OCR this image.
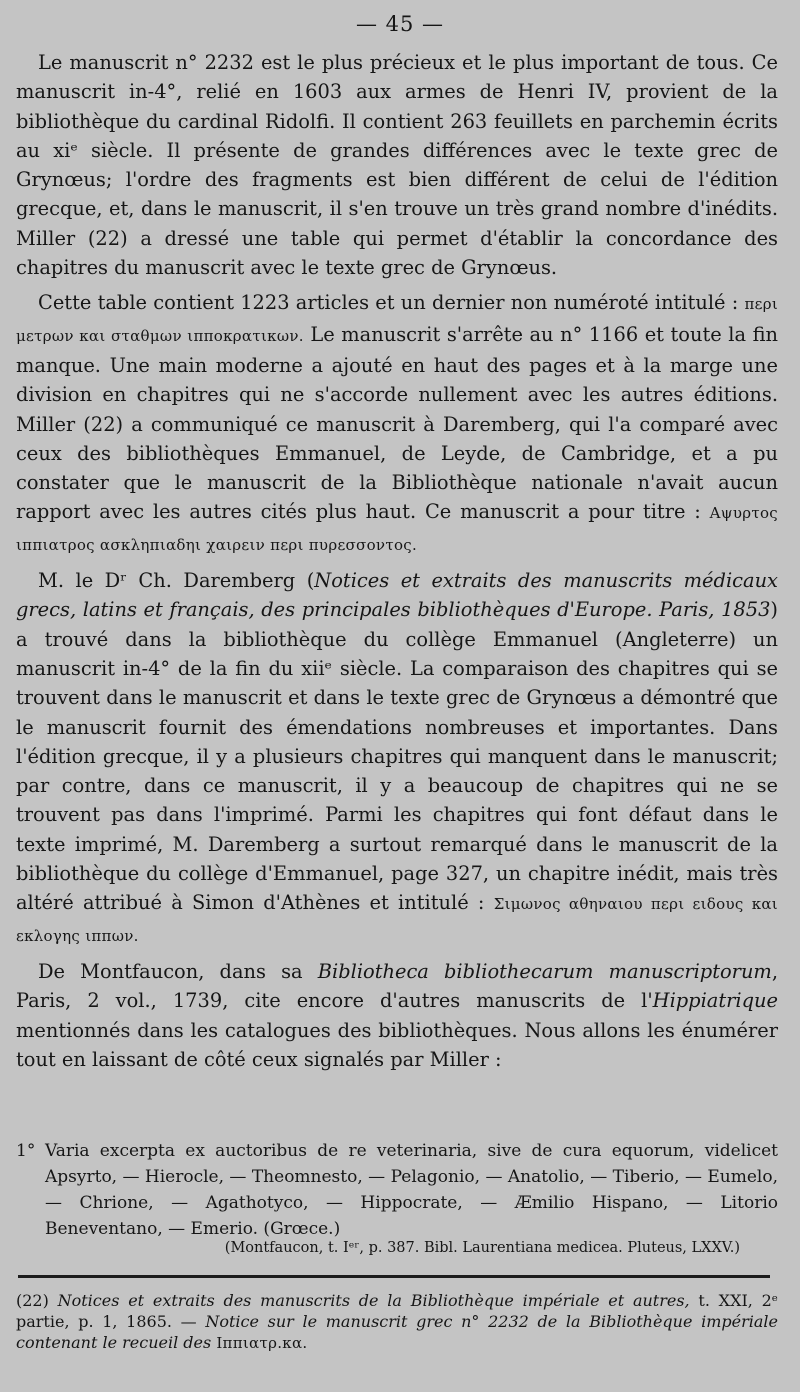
— 45 —

Le manuscrit n° 2232 est le plus précieux et le plus important de tous. Ce manuscrit in-4°, relié en 1603 aux armes de Henri IV, provient de la bibliothèque du cardinal Ridolfi. Il contient 263 feuillets en parchemin écrits au xiᵉ siècle. Il présente de grandes différences avec le texte grec de Grynœus; l'ordre des fragments est bien différent de celui de l'édition grecque, et, dans le manuscrit, il s'en trouve un très grand nombre d'inédits. Miller (22) a dressé une table qui permet d'établir la concordance des chapitres du manuscrit avec le texte grec de Grynœus.

Cette table contient 1223 articles et un dernier non numéroté intitulé : περι μετρων και σταθμων ιπποκρατικων. Le manuscrit s'arrête au n° 1166 et toute la fin manque. Une main moderne a ajouté en haut des pages et à la marge une division en chapitres qui ne s'accorde nullement avec les autres éditions. Miller (22) a communiqué ce manuscrit à Daremberg, qui l'a comparé avec ceux des bibliothèques Emmanuel, de Leyde, de Cambridge, et a pu constater que le manuscrit de la Bibliothèque nationale n'avait aucun rapport avec les autres cités plus haut. Ce manuscrit a pour titre : Αψυρτος ιππιατρος ασκληπιαδηι χαιρειν περι πυρεσσοντος.

M. le Dʳ Ch. Daremberg (Notices et extraits des manuscrits médicaux grecs, latins et français, des principales bibliothèques d'Europe. Paris, 1853) a trouvé dans la bibliothèque du collège Emmanuel (Angleterre) un manuscrit in-4° de la fin du xiiᵉ siècle. La comparaison des chapitres qui se trouvent dans le manuscrit et dans le texte grec de Grynœus a démontré que le manuscrit fournit des émendations nombreuses et importantes. Dans l'édition grecque, il y a plusieurs chapitres qui manquent dans le manuscrit; par contre, dans ce manuscrit, il y a beaucoup de chapitres qui ne se trouvent pas dans l'imprimé. Parmi les chapitres qui font défaut dans le texte imprimé, M. Daremberg a surtout remarqué dans le manuscrit de la bibliothèque du collège d'Emmanuel, page 327, un chapitre inédit, mais très altéré attribué à Simon d'Athènes et intitulé : Σιμωνος αθηναιου περι ειδους και εκλογης ιππων.

De Montfaucon, dans sa Bibliotheca bibliothecarum manuscriptorum, Paris, 2 vol., 1739, cite encore d'autres manuscrits de l'Hippiatrique mentionnés dans les catalogues des bibliothèques. Nous allons les énumérer tout en laissant de côté ceux signalés par Miller :

1° Varia excerpta ex auctoribus de re veterinaria, sive de cura equorum, videlicet Apsyrto, — Hierocle, — Theomnesto, — Pelagonio, — Anatolio, — Tiberio, — Eumelo, — Chrione, — Agathotyco, — Hippocrate, — Æmilio Hispano, — Litorio Beneventano, — Emerio. (Grœce.)
(Montfaucon, t. Iᵉʳ, p. 387. Bibl. Laurentiana medicea. Pluteus, LXXV.)
(22) Notices et extraits des manuscrits de la Bibliothèque impériale et autres, t. XXI, 2ᵉ partie, p. 1, 1865. — Notice sur le manuscrit grec n° 2232 de la Bibliothèque impériale contenant le recueil des Ιππιατρ.κα.
